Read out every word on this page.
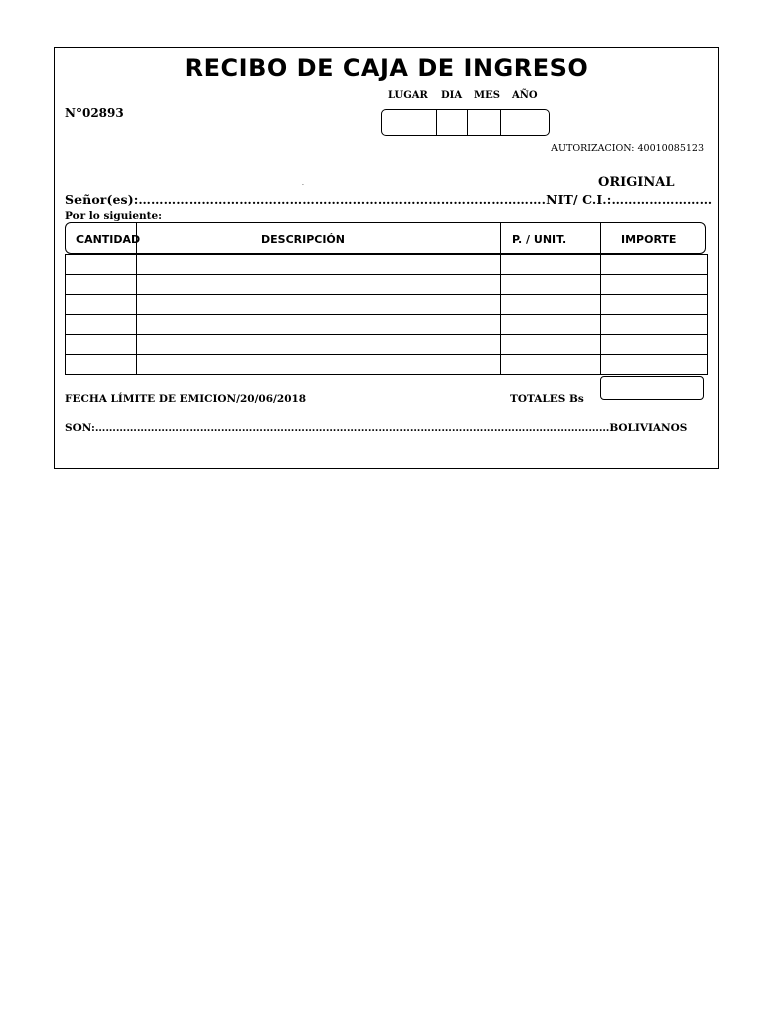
RECIBO DE CAJA DE INGRESO
N°02893
LUGAR DIA MES AÑO
AUTORIZACION: 40010085123
ORIGINAL
.
Señor(es):…………………………………………………………………………………….NIT/ C.I.:……………………
Por lo siguiente:
CANTIDAD	DESCRIPCIÓN	P. / UNIT.	IMPORTE

FECHA LÍMITE DE EMICION/20/06/2018	TOTALES Bs
SON:…………………………………………………………………………………………………………………………………BOLIVIANOS
